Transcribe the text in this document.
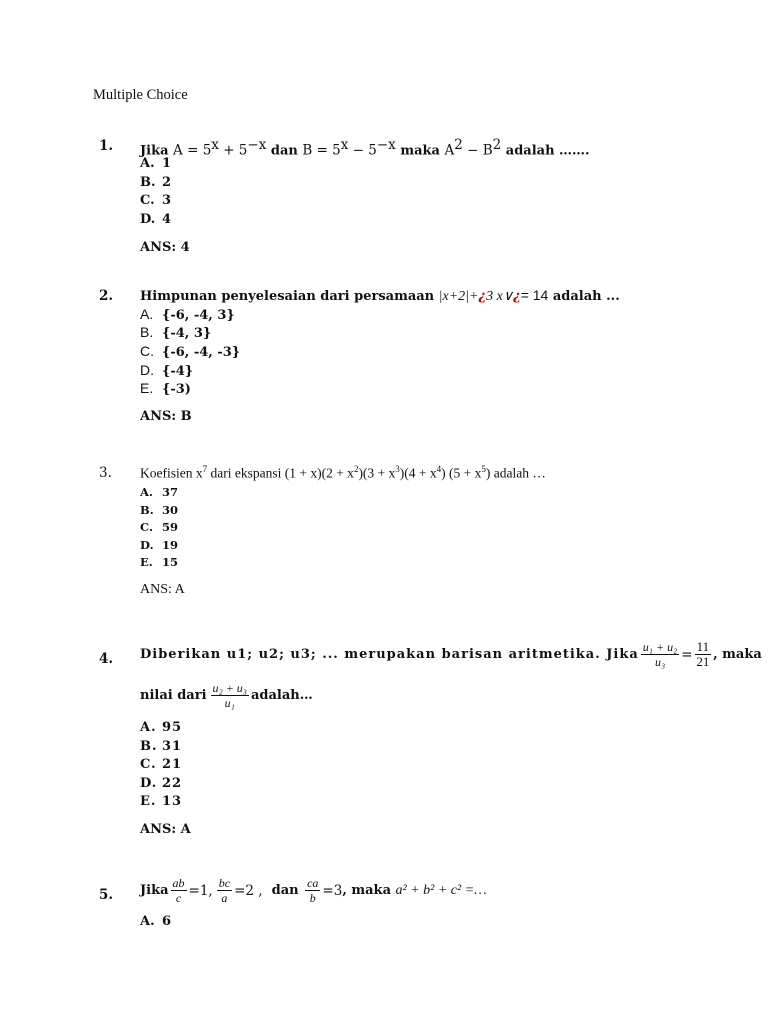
Multiple Choice
1. Jika $A = 5^x + 5^{-x}$ dan $B = 5^x - 5^{-x}$ maka $A^2 - B^2$ adalah …….
A. 1
B. 2
C. 3
D. 4
ANS: 4
2. Himpunan penyelesaian dari persamaan |x+2|+¿3 x∨¿= 14 adalah ...
A. {-6, -4, 3}
B. {-4, 3}
C. {-6, -4, -3}
D. {-4}
E. {-3)
ANS: B
3. Koefisien $x^7$ dari ekspansi $(1 + x)(2 + x^2)(3 + x^3)(4 + x^4)$ $(5 + x^5)$ adalah …
A. 37
B. 30
C. 59
D. 19
E. 15
ANS: A
4. Diberikan u1; u2; u3; ... merupakan barisan aritmetika. Jika $\frac{\text{u₁ + u₂}}{\text{u₃}} = \frac{11}{21}$ , maka
nilai dari $\frac{\text{u₂ + u₃}}{\text{u₁}}$ adalah…
A. 95
B. 31
C. 21
D. 22
E. 13
ANS: A
5. Jika $\frac{ab}{c} =1$, $\frac{bc}{a} =2$ , dan $\frac{ca}{b} =3$ , maka a² + b² + c² =…
A. 6
